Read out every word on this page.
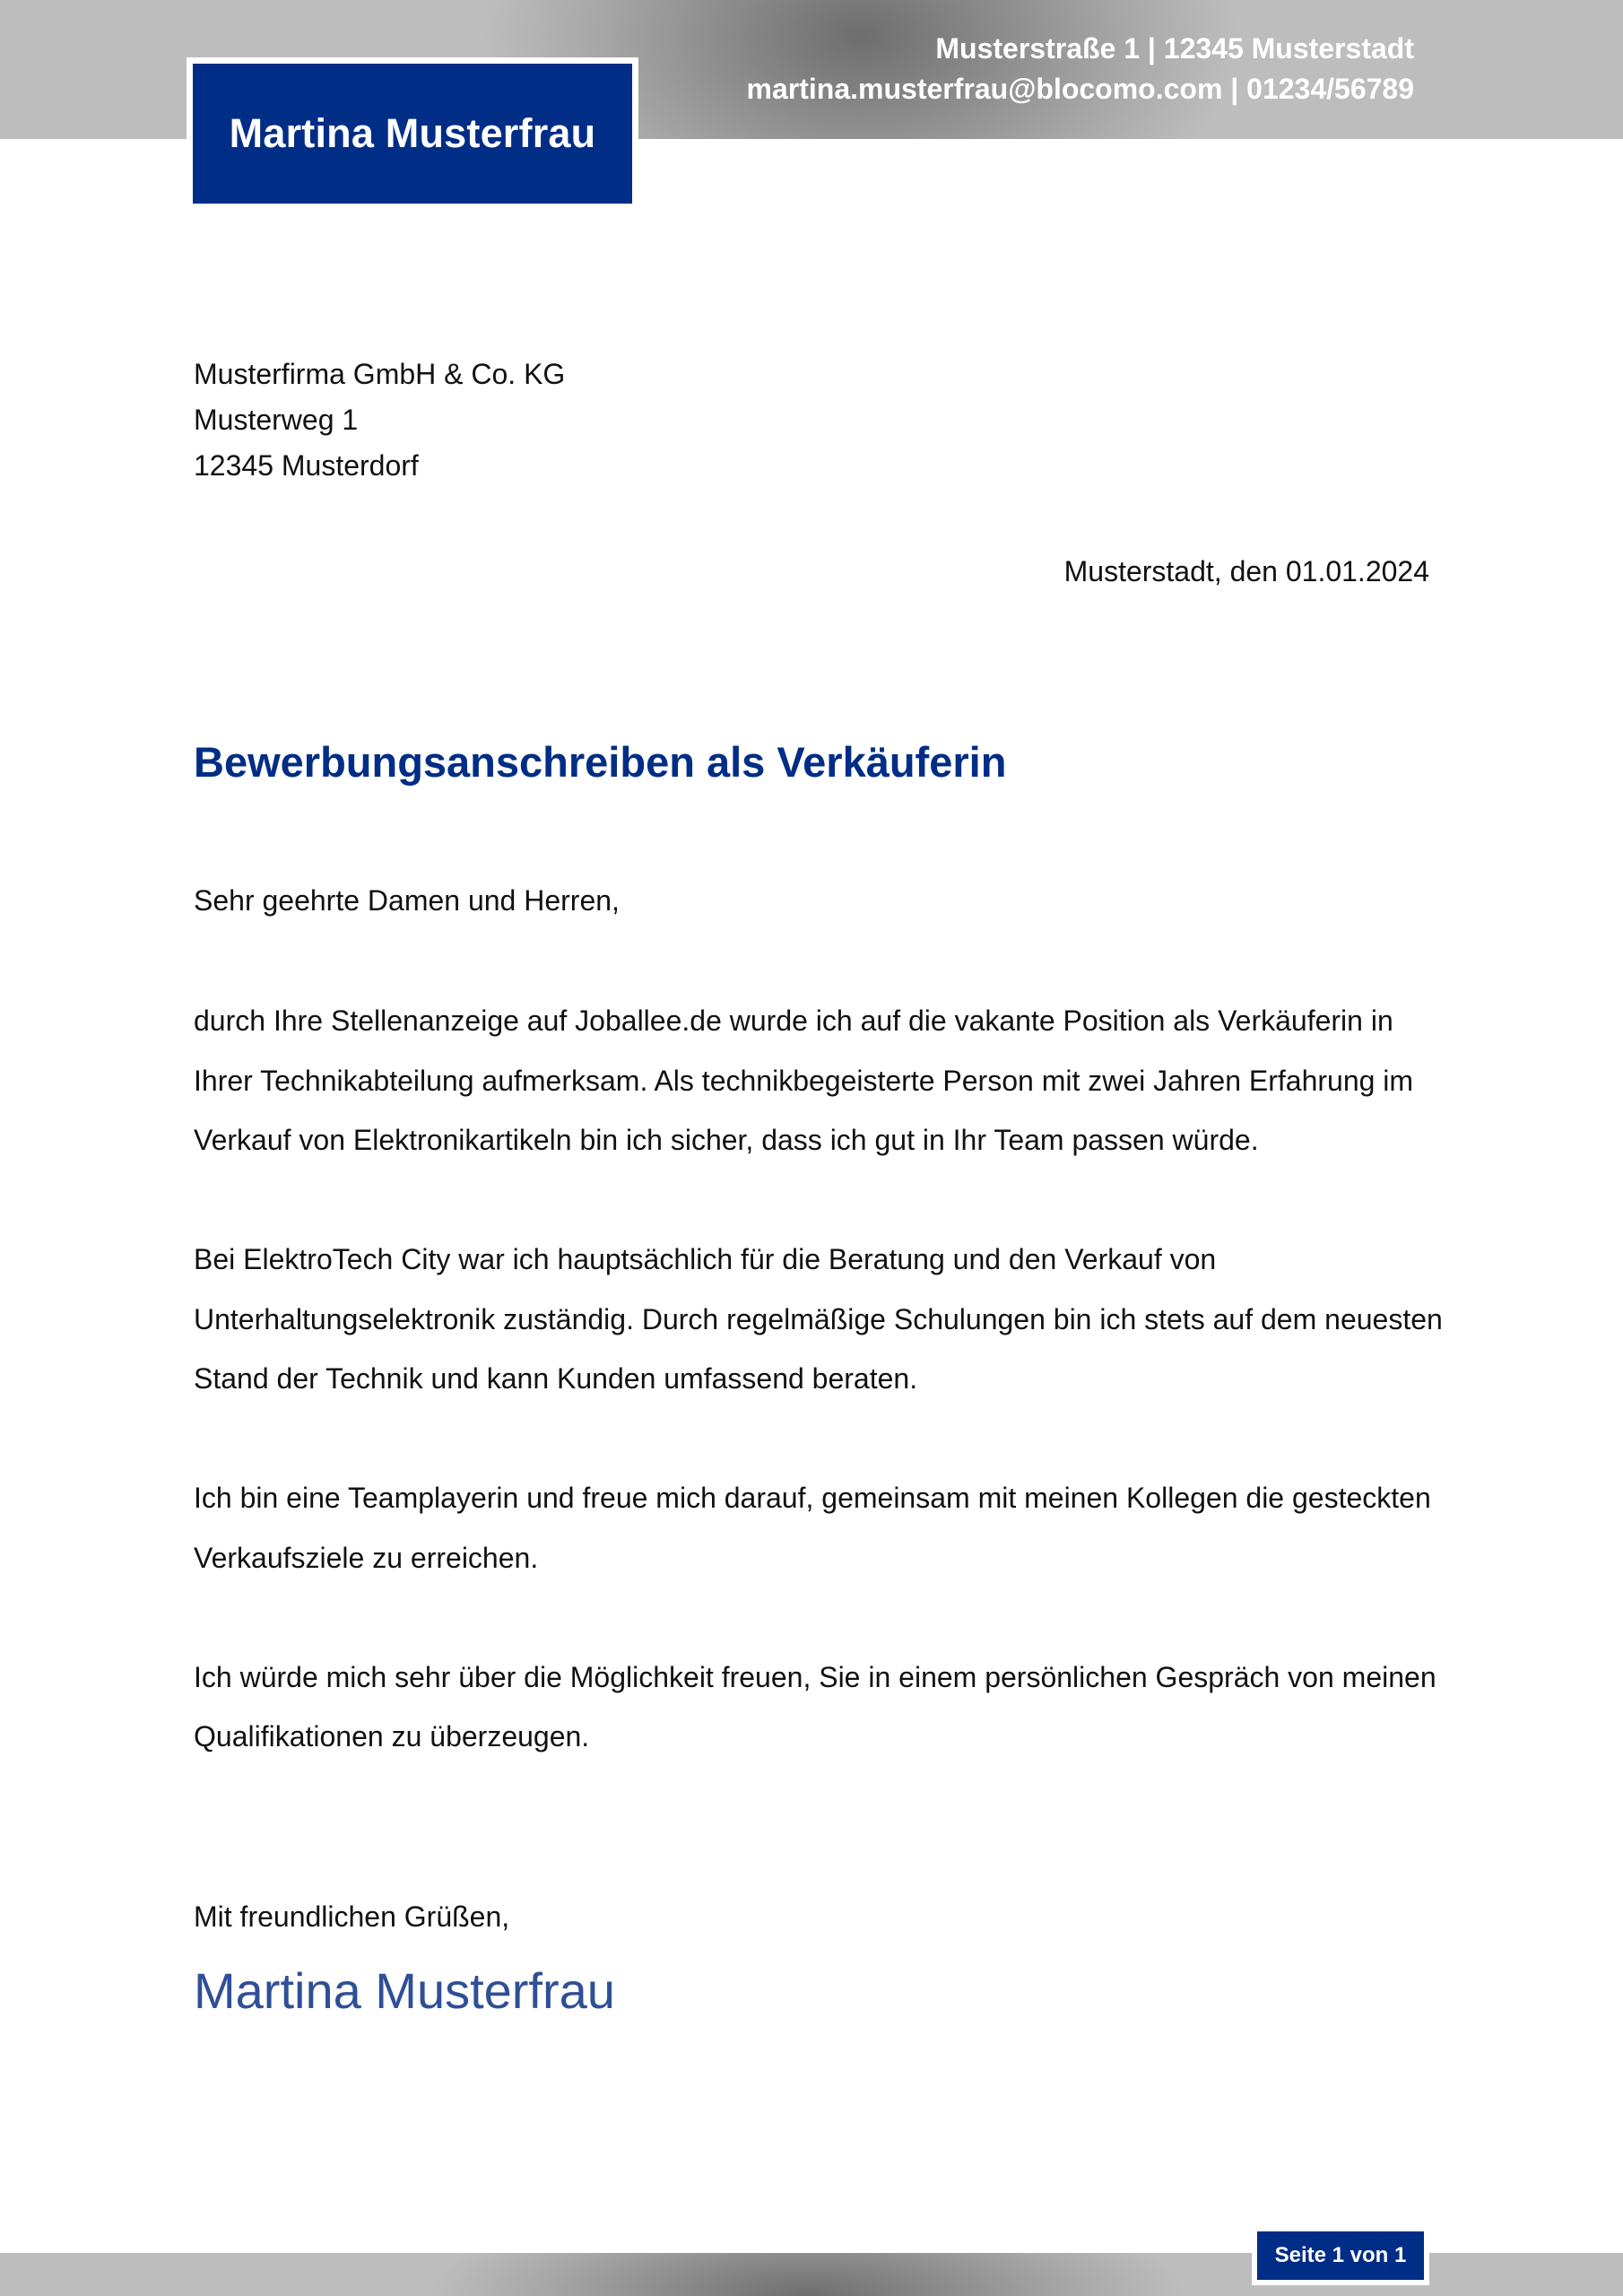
Martina Musterfrau
Musterstraße 1 | 12345 Musterstadt
martina.musterfrau@blocomo.com | 01234/56789
Musterfirma GmbH & Co. KG
Musterweg 1
12345 Musterdorf
Musterstadt, den 01.01.2024
Bewerbungsanschreiben als Verkäuferin
Sehr geehrte Damen und Herren,

durch Ihre Stellenanzeige auf Joballee.de wurde ich auf die vakante Position als Verkäuferin in Ihrer Technikabteilung aufmerksam. Als technikbegeisterte Person mit zwei Jahren Erfahrung im Verkauf von Elektronikartikeln bin ich sicher, dass ich gut in Ihr Team passen würde.

Bei ElektroTech City war ich hauptsächlich für die Beratung und den Verkauf von Unterhaltungselektronik zuständig. Durch regelmäßige Schulungen bin ich stets auf dem neuesten Stand der Technik und kann Kunden umfassend beraten.

Ich bin eine Teamplayerin und freue mich darauf, gemeinsam mit meinen Kollegen die gesteckten Verkaufsziele zu erreichen.

Ich würde mich sehr über die Möglichkeit freuen, Sie in einem persönlichen Gespräch von meinen Qualifikationen zu überzeugen.

Mit freundlichen Grüßen,
Martina Musterfrau
Seite 1 von 1
